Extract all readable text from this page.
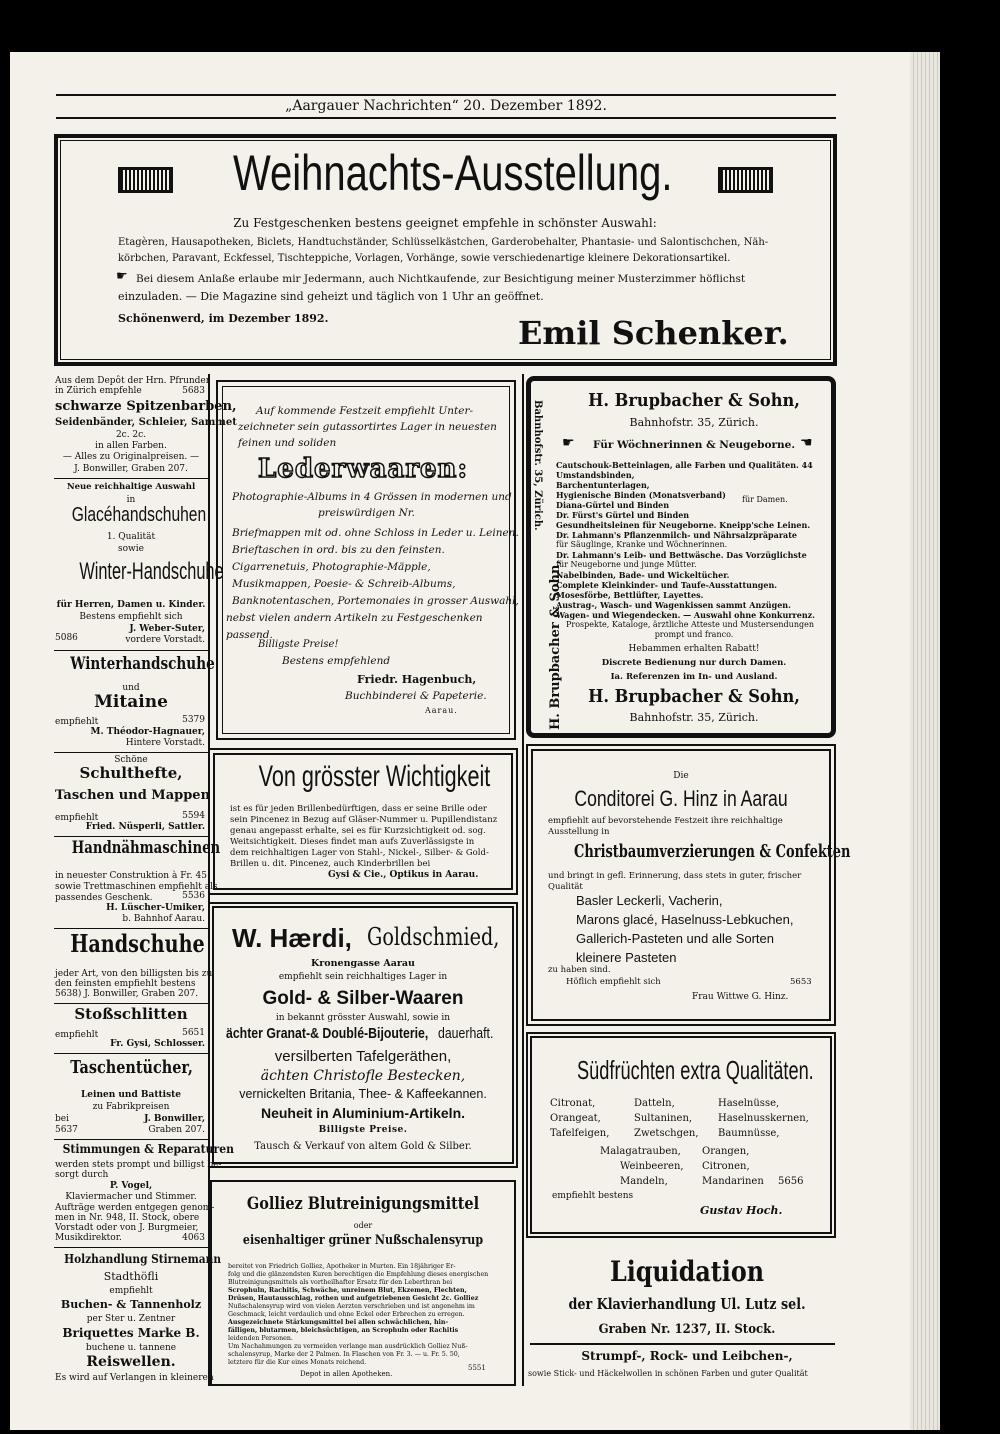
„Aargauer Nachrichten“ 20. Dezember 1892.
Weihnachts-Ausstellung.
Zu Festgeschenken bestens geeignet empfehle in schönster Auswahl:
Etagèren, Hausapotheken, Biclets, Handtuchständer, Schlüsselkästchen, Garderobehalter, Phantasie- und Salontischchen, Näh-
körbchen, Paravant, Eckfessel, Tischteppiche, Vorlagen, Vorhänge, sowie verschiedenartige kleinere Dekorationsartikel.
☛ Bei diesem Anlaße erlaube mir Jedermann, auch Nichtkaufende, zur Besichtigung meiner Musterzimmer höflichst
einzuladen. — Die Magazine sind geheizt und täglich von 1 Uhr an geöffnet.
Schönenwerd, im Dezember 1892.	Emil Schenker.
Aus dem Depôt der Hrn. Pfrunder
in Zürich empfehle	5683
schwarze Spitzenbarben,
Seidenbänder, Schleier, Sammet
2c. 2c.
in allen Farben.
— Alles zu Originalpreisen. —
J. Bonwiller, Graben 207.
Neue reichhaltige Auswahl
in
Glacéhandschuhen
1. Qualität
sowie
Winter-Handschuhe
für Herren, Damen u. Kinder.
Bestens empfiehlt sich
5086
J. Weber-Suter,
vordere Vorstadt.
Winterhandschuhe
und
Mitaine
empfiehlt	5379
M. Théodor-Hagnauer,
Hintere Vorstadt.
Schöne
Schulthefte,
Taschen und Mappen
empfiehlt	5594
Fried. Nüsperli, Sattler.
Handnähmaschinen
in neuester Construktion à Fr. 45
sowie Trettmaschinen empfiehlt als
passendes Geschenk.	5536
H. Lüscher-Umiker,
b. Bahnhof Aarau.
Handschuhe
jeder Art, von den billigsten bis zu
den feinsten empfiehlt bestens
5638) J. Bonwiller, Graben 207.
Stoßschlitten
empfiehlt	5651
Fr. Gysi, Schlosser.
Taschentücher,
Leinen und Battiste
zu Fabrikpreisen
bei
5637
J. Bonwiller,
Graben 207.
Stimmungen & Reparaturen
werden stets prompt und billigst be-
sorgt durch
P. Vogel,
Klaviermacher und Stimmer.
Aufträge werden entgegen genom-
men in Nr. 948, II. Stock, obere
Vorstadt oder von J. Burgmeier,
Musikdirektor.	4063
Holzhandlung Stirnemann
Stadthöfli
empfiehlt
Buchen- & Tannenholz
per Ster u. Zentner
Briquettes Marke B.
buchene u. tannene
Reiswellen.
Es wird auf Verlangen in kleineren
Auf kommende Festzeit empfiehlt Unter-
zeichneter sein gutassortirtes Lager in neuesten
feinen und soliden
Lederwaaren:
Photographie-Albums in 4 Grössen in modernen und
preiswürdigen Nr.
Briefmappen mit od. ohne Schloss in Leder u. Leinen.
Brieftaschen in ord. bis zu den feinsten.
Cigarrenetuis, Photographie-Mäpple,
Musikmappen, Poesie- & Schreib-Albums,
Banknotentaschen, Portemonaies in grosser Auswahl,
nebst vielen andern Artikeln zu Festgeschenken
passend.
Billigste Preise!
Bestens empfehlend
Friedr. Hagenbuch,
Buchbinderei & Papeterie.
Aarau.
Von grösster Wichtigkeit
ist es für jeden Brillenbedürftigen, dass er seine Brille oder
sein Pincenez in Bezug auf Gläser-Nummer u. Pupillendistanz
genau angepasst erhalte, sei es für Kurzsichtigkeit od. sog.
Weitsichtigkeit. Dieses findet man aufs Zuverlässigste in
dem reichhaltigen Lager von Stahl-, Nickel-, Silber- & Gold-
Brillen u. dit. Pincenez, auch Kinderbrillen bei
Gysi & Cie., Optikus in Aarau.
W. Hærdi, Goldschmied,
Kronengasse Aarau
empfiehlt sein reichhaltiges Lager in
Gold- & Silber-Waaren
in bekannt grösster Auswahl, sowie in
ächter Granat-& Doublé-Bijouterie, dauerhaft.
versilberten Tafelgeräthen,
ächten Christofle Bestecken,
vernickelten Britania, Thee- & Kaffeekannen.
Neuheit in Aluminium-Artikeln.
Billigste Preise.
Tausch & Verkauf von altem Gold & Silber.
Golliez Blutreinigungsmittel
oder
eisenhaltiger grüner Nußschalensyrup
bereitet von Friedrich Golliez, Apotheker in Murten. Ein 18jähriger Er-
folg und die glänzendsten Kuren berechtigen die Empfehlung dieses energischen
Blutreinigungsmittels als vortheilhafter Ersatz für den Leberthran bei
Scrophuln, Rachitis, Schwäche, unreinem Blut, Ekzemen, Flechten,
Drüsen, Hautausschlag, rothen und aufgetriebenen Gesicht 2c. Golliez
Nußschalensyrup wird von vielen Aerzten verschrieben und ist angenehm im
Geschmack, leicht verdaulich und ohne Eckel oder Erbrechen zu erregen.
Ausgezeichnete Stärkungsmittel bei allen schwächlichen, hin-
fälligen, blutarmen, bleichsüchtigen, an Scrophuln oder Rachitis
leidenden Personen.
Um Nachahmungen zu vermeiden verlange man ausdrücklich Golliez Nuß-
schalensyrup, Marke der 2 Palmen. In Flaschen von Fr. 3. — u. Fr. 5. 50,
letztere für die Kur eines Monats reichend.
Depot in allen Apotheken.
5551
H. Brupbacher & Sohn,
Bahnhofstr. 35, Zürich.
☛	Für Wöchnerinnen & Neugeborne. ☚
Bahnhofstr. 35, Zürich.
H. Brupbacher & Sohn,
Cautschouk-Betteinlagen, alle Farben und Qualitäten. 44
Umstandsbinden,
Barchentunterlagen,
Hygienische Binden (Monatsverband)
Diana-Gürtel und Binden
für Damen.
Dr. Fürst's Gürtel und Binden
Gesundheitsleinen für Neugeborne. Kneipp'sche Leinen.
Dr. Lahmann's Pflanzenmilch- und Nährsalzpräparate
für Säuglinge, Kranke und Wöchnerinnen.
Dr. Lahmann's Leib- und Bettwäsche. Das Vorzüglichste
für Neugeborne und junge Mütter.
Nabelbinden, Bade- und Wickeltücher.
Complete Kleinkinder- und Taufe-Ausstattungen.
Mosesförbe, Bettlüfter, Layettes.
Austrag-, Wasch- und Wagenkissen sammt Anzügen.
Wagen- und Wiegendecken. — Auswahl ohne Konkurrenz.
Prospekte, Kataloge, ärztliche Atteste und Mustersendungen
prompt und franco.
Hebammen erhalten Rabatt!
Discrete Bedienung nur durch Damen.
Ia. Referenzen im In- und Ausland.
H. Brupbacher & Sohn,
Bahnhofstr. 35, Zürich.
Die
Conditorei G. Hinz in Aarau
empfiehlt auf bevorstehende Festzeit ihre reichhaltige
Ausstellung in
Christbaumverzierungen & Confekten
und bringt in gefl. Erinnerung, dass stets in guter, frischer
Qualität
Basler Leckerli, Vacherin,
Marons glacé, Haselnuss-Lebkuchen,
Gallerich-Pasteten und alle Sorten
kleinere Pasteten
zu haben sind.
Höflich empfiehlt sich	5653
Frau Wittwe G. Hinz.
Südfrüchten extra Qualitäten.
Citronat,	Datteln,	Haselnüsse,
Orangeat,	Sultaninen,	Haselnusskernen,
Tafelfeigen, Zwetschgen, Baumnüsse,
Malagatrauben, Orangen,
Weinbeeren, Citronen,
Mandeln,	Mandarinen 5656
empfiehlt bestens
Gustav Hoch.
Liquidation
der Klavierhandlung Ul. Lutz sel.
Graben Nr. 1237, II. Stock.
Strumpf-, Rock- und Leibchen-,
sowie Stick- und Häckelwollen in schönen Farben und guter Qualität
